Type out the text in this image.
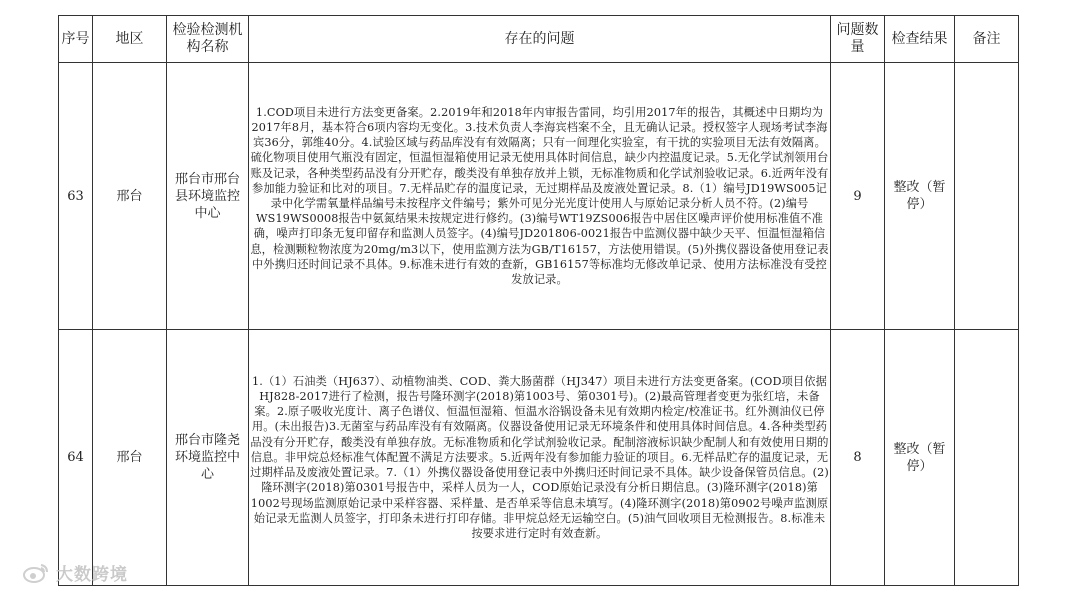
序号	地区	检验检测机构名称	存在的问题	问题数量	检查结果	备注
63	邢台	邢台市邢台县环境监控中心	1.COD项目未进行方法变更备案。2.2019年和2018年内审报告雷同，均引用2017年的报告，其概述中日期均为2017年8月，基本符合6项内容均无变化。3.技术负责人李海宾档案不全，且无确认记录。授权签字人现场考试李海宾36分，郭维40分。4.试验区域与药品库没有有效隔离；只有一间理化实验室，有干扰的实验项目无法有效隔离。硫化物项目使用气瓶没有固定，恒温恒湿箱使用记录无使用具体时间信息，缺少内控温度记录。5.无化学试剂领用台账及记录，各种类型药品没有分开贮存，酸类没有单独存放并上锁，无标准物质和化学试剂验收记录。6.近两年没有参加能力验证和比对的项目。7.无样品贮存的温度记录，无过期样品及废液处置记录。8.（1）编号JD19WS005记录中化学需氧量样品编号未按程序文件编号；紫外可见分光光度计使用人与原始记录分析人员不符。(2)编号WS19WS0008报告中氨氮结果未按规定进行修约。(3)编号WT19ZS006报告中居住区噪声评价使用标准值不准确，噪声打印条无复印留存和监测人员签字。(4)编号JD201806-0021报告中监测仪器中缺少天平、恒温恒湿箱信息，检测颗粒物浓度为20mg/m3以下，使用监测方法为GB/T16157，方法使用错误。(5)外携仪器设备使用登记表中外携归还时间记录不具体。9.标准未进行有效的查新，GB16157等标准均无修改单记录、使用方法标准没有受控发放记录。	9	整改（暂停）	
64	邢台	邢台市隆尧环境监控中心	1.（1）石油类（HJ637）、动植物油类、COD、粪大肠菌群（HJ347）项目未进行方法变更备案。(COD项目依据HJ828-2017进行了检测，报告号隆环测字(2018)第1003号、第0301号)。(2)最高管理者变更为张红培，未备案。2.原子吸收光度计、离子色谱仪、恒温恒湿箱、恒温水浴锅设备未见有效期内检定/校准证书。红外测油仪已停用。(未出报告)3.无菌室与药品库没有有效隔离。仪器设备使用记录无环境条件和使用具体时间信息。4.各种类型药品没有分开贮存，酸类没有单独存放。无标准物质和化学试剂验收记录。配制溶液标识缺少配制人和有效使用日期的信息。非甲烷总烃标准气体配置不满足方法要求。5.近两年没有参加能力验证的项目。6.无样品贮存的温度记录，无过期样品及废液处置记录。7.（1）外携仪器设备使用登记表中外携归还时间记录不具体。缺少设备保管员信息。(2)隆环测字(2018)第0301号报告中，采样人员为一人，COD原始记录没有分析日期信息。(3)隆环测字(2018)第1002号现场监测原始记录中采样容器、采样量、是否单采等信息未填写。(4)隆环测字(2018)第0902号噪声监测原始记录无监测人员签字，打印条未进行打印存储。非甲烷总烃无运输空白。(5)油气回收项目无检测报告。8.标准未按要求进行定时有效查新。	8	整改（暂停）	
大数跨境
